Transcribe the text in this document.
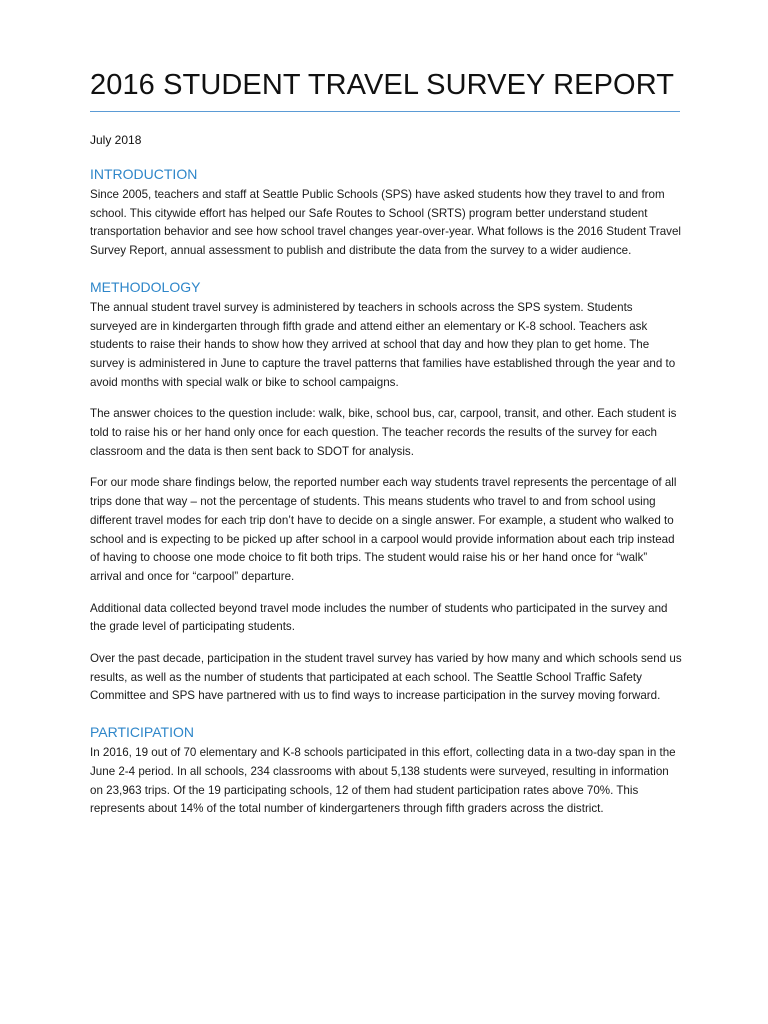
2016 STUDENT TRAVEL SURVEY REPORT
July 2018
INTRODUCTION

Since 2005, teachers and staff at Seattle Public Schools (SPS) have asked students how they travel to and from school. This citywide effort has helped our Safe Routes to School (SRTS) program better understand student transportation behavior and see how school travel changes year-over-year. What follows is the 2016 Student Travel Survey Report, annual assessment to publish and distribute the data from the survey to a wider audience.

METHODOLOGY

The annual student travel survey is administered by teachers in schools across the SPS system. Students surveyed are in kindergarten through fifth grade and attend either an elementary or K-8 school. Teachers ask students to raise their hands to show how they arrived at school that day and how they plan to get home. The survey is administered in June to capture the travel patterns that families have established through the year and to avoid months with special walk or bike to school campaigns.

The answer choices to the question include: walk, bike, school bus, car, carpool, transit, and other. Each student is told to raise his or her hand only once for each question. The teacher records the results of the survey for each classroom and the data is then sent back to SDOT for analysis.

For our mode share findings below, the reported number each way students travel represents the percentage of all trips done that way – not the percentage of students. This means students who travel to and from school using different travel modes for each trip don’t have to decide on a single answer. For example, a student who walked to school and is expecting to be picked up after school in a carpool would provide information about each trip instead of having to choose one mode choice to fit both trips. The student would raise his or her hand once for “walk” arrival and once for “carpool” departure.

Additional data collected beyond travel mode includes the number of students who participated in the survey and the grade level of participating students.

Over the past decade, participation in the student travel survey has varied by how many and which schools send us results, as well as the number of students that participated at each school. The Seattle School Traffic Safety Committee and SPS have partnered with us to find ways to increase participation in the survey moving forward.

PARTICIPATION

In 2016, 19 out of 70 elementary and K-8 schools participated in this effort, collecting data in a two-day span in the June 2-4 period. In all schools, 234 classrooms with about 5,138 students were surveyed, resulting in information on 23,963 trips. Of the 19 participating schools, 12 of them had student participation rates above 70%. This represents about 14% of the total number of kindergarteners through fifth graders across the district.
